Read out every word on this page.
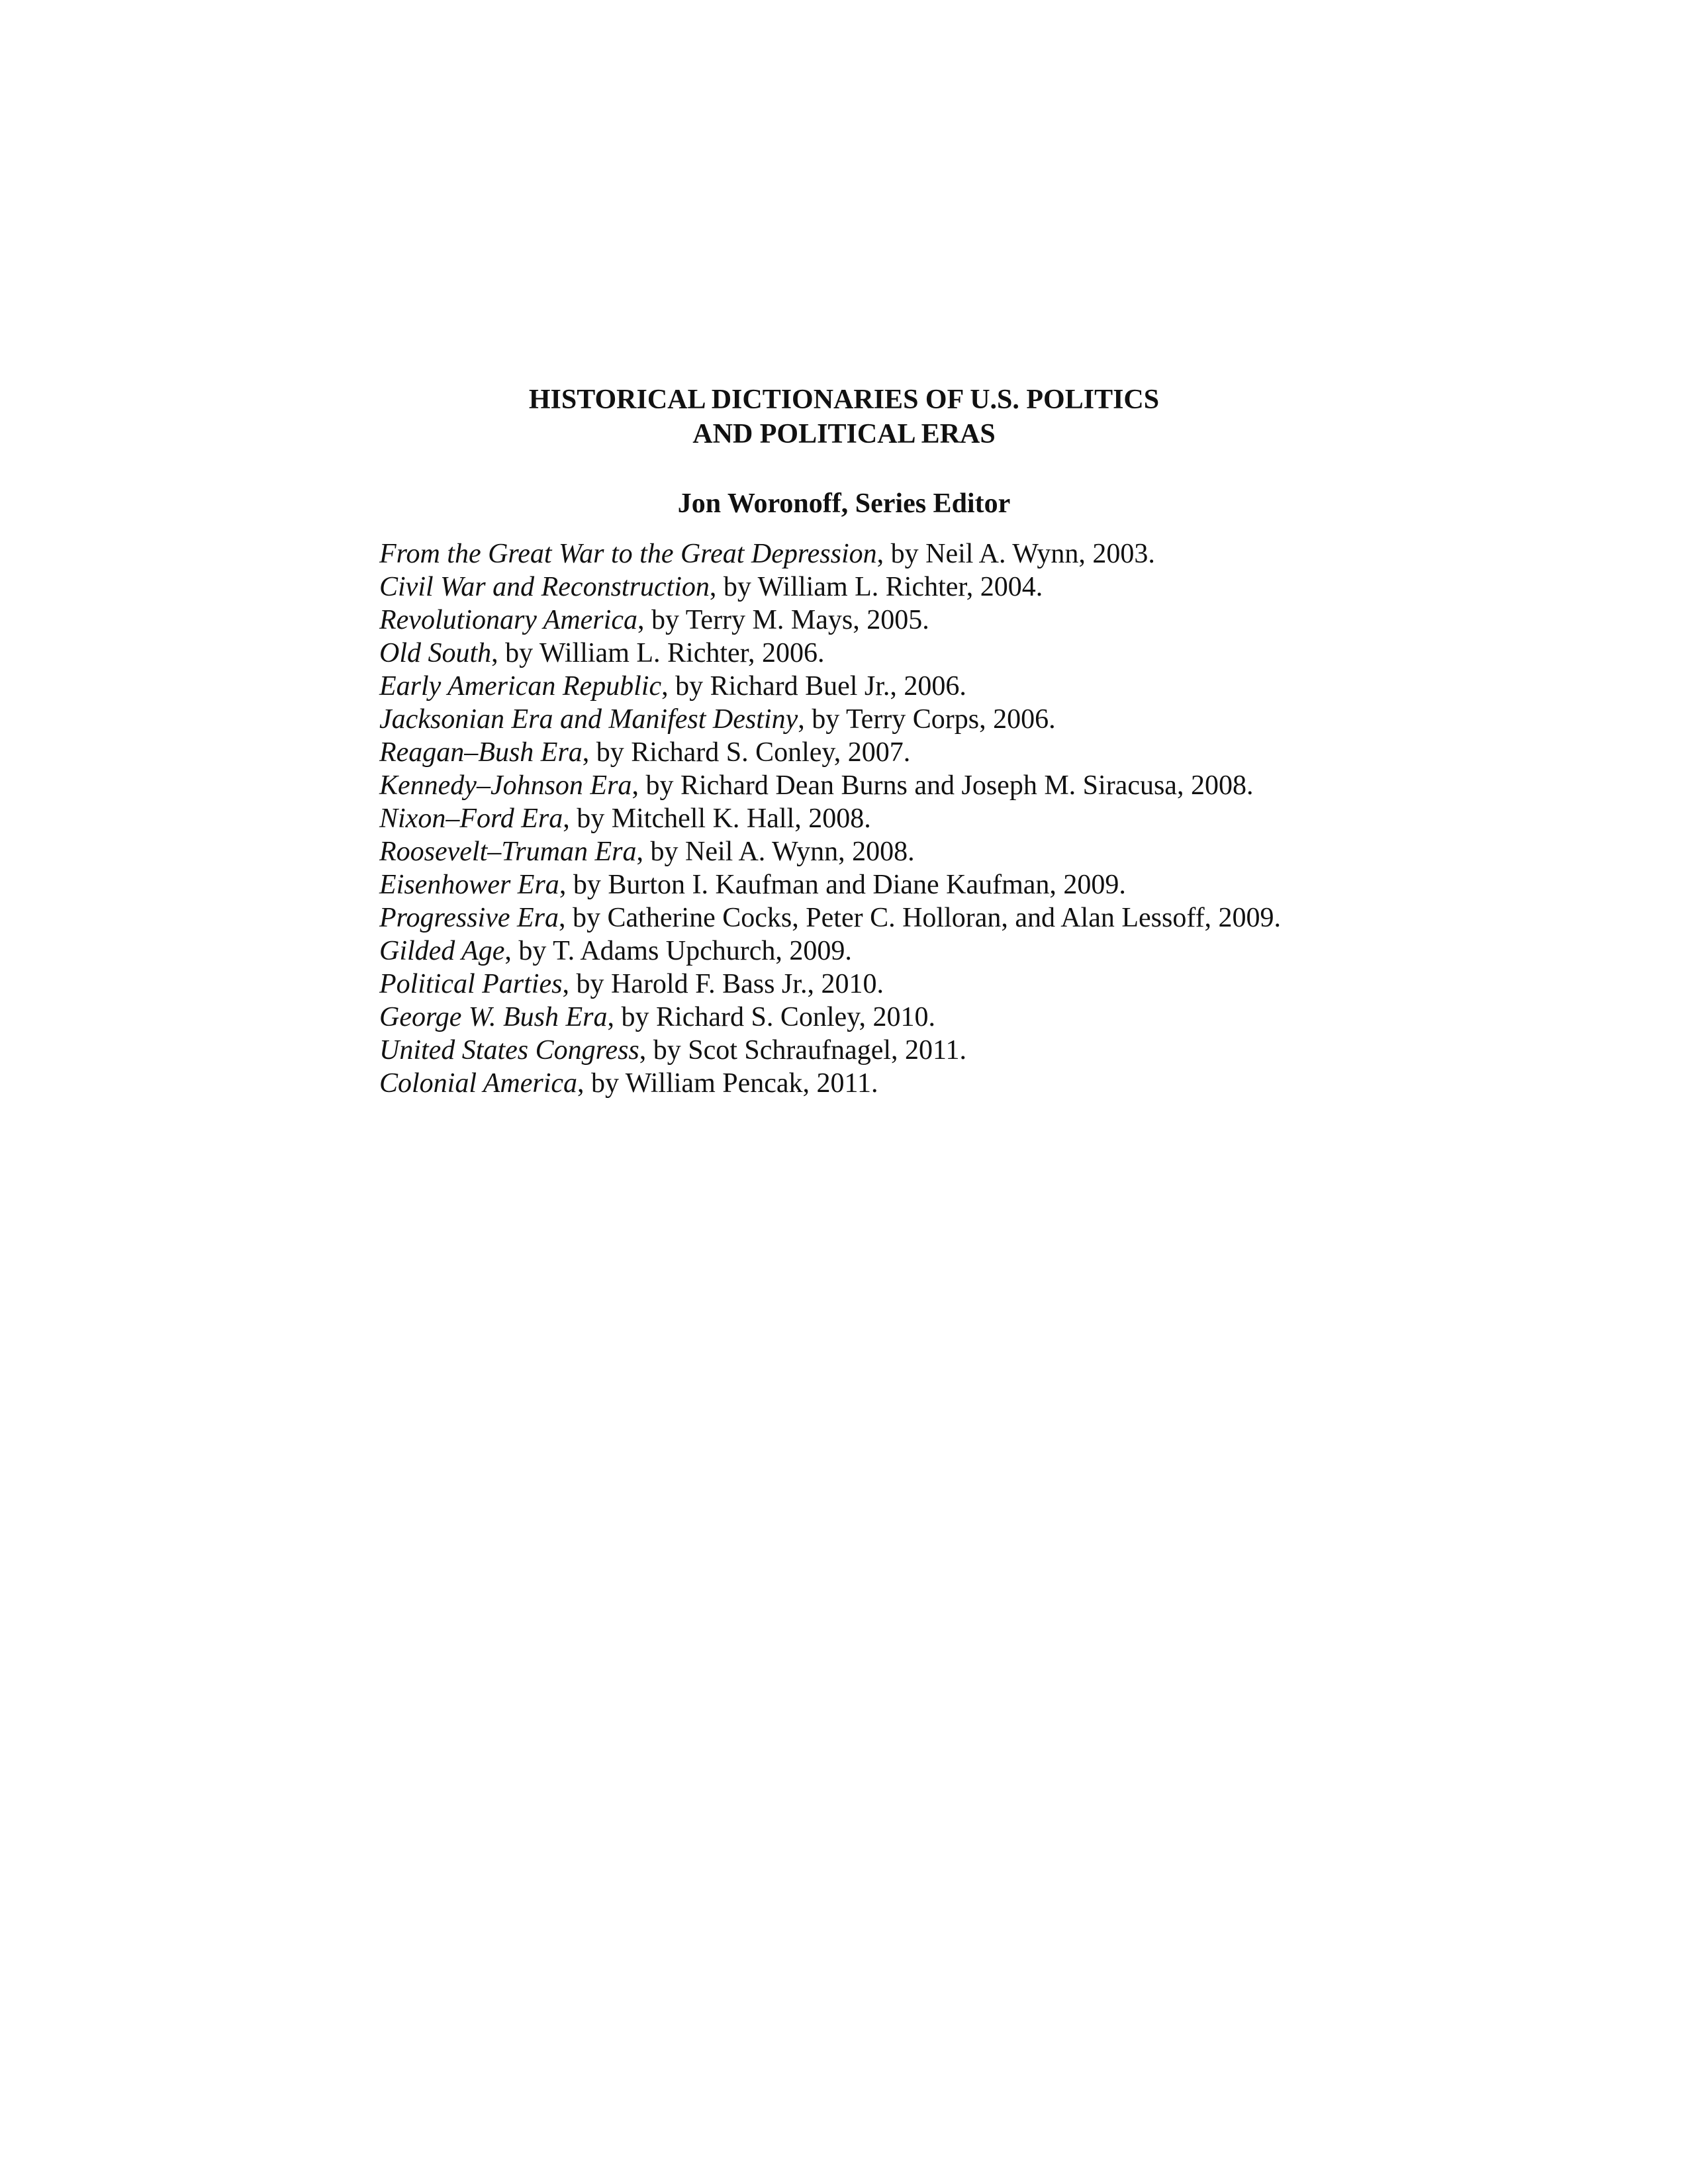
HISTORICAL DICTIONARIES OF U.S. POLITICS
AND POLITICAL ERAS
Jon Woronoff, Series Editor
From the Great War to the Great Depression, by Neil A. Wynn, 2003.
Civil War and Reconstruction, by William L. Richter, 2004.
Revolutionary America, by Terry M. Mays, 2005.
Old South, by William L. Richter, 2006.
Early American Republic, by Richard Buel Jr., 2006.
Jacksonian Era and Manifest Destiny, by Terry Corps, 2006.
Reagan–Bush Era, by Richard S. Conley, 2007.
Kennedy–Johnson Era, by Richard Dean Burns and Joseph M. Siracusa, 2008.
Nixon–Ford Era, by Mitchell K. Hall, 2008.
Roosevelt–Truman Era, by Neil A. Wynn, 2008.
Eisenhower Era, by Burton I. Kaufman and Diane Kaufman, 2009.
Progressive Era, by Catherine Cocks, Peter C. Holloran, and Alan Lessoff, 2009.
Gilded Age, by T. Adams Upchurch, 2009.
Political Parties, by Harold F. Bass Jr., 2010.
George W. Bush Era, by Richard S. Conley, 2010.
United States Congress, by Scot Schraufnagel, 2011.
Colonial America, by William Pencak, 2011.
